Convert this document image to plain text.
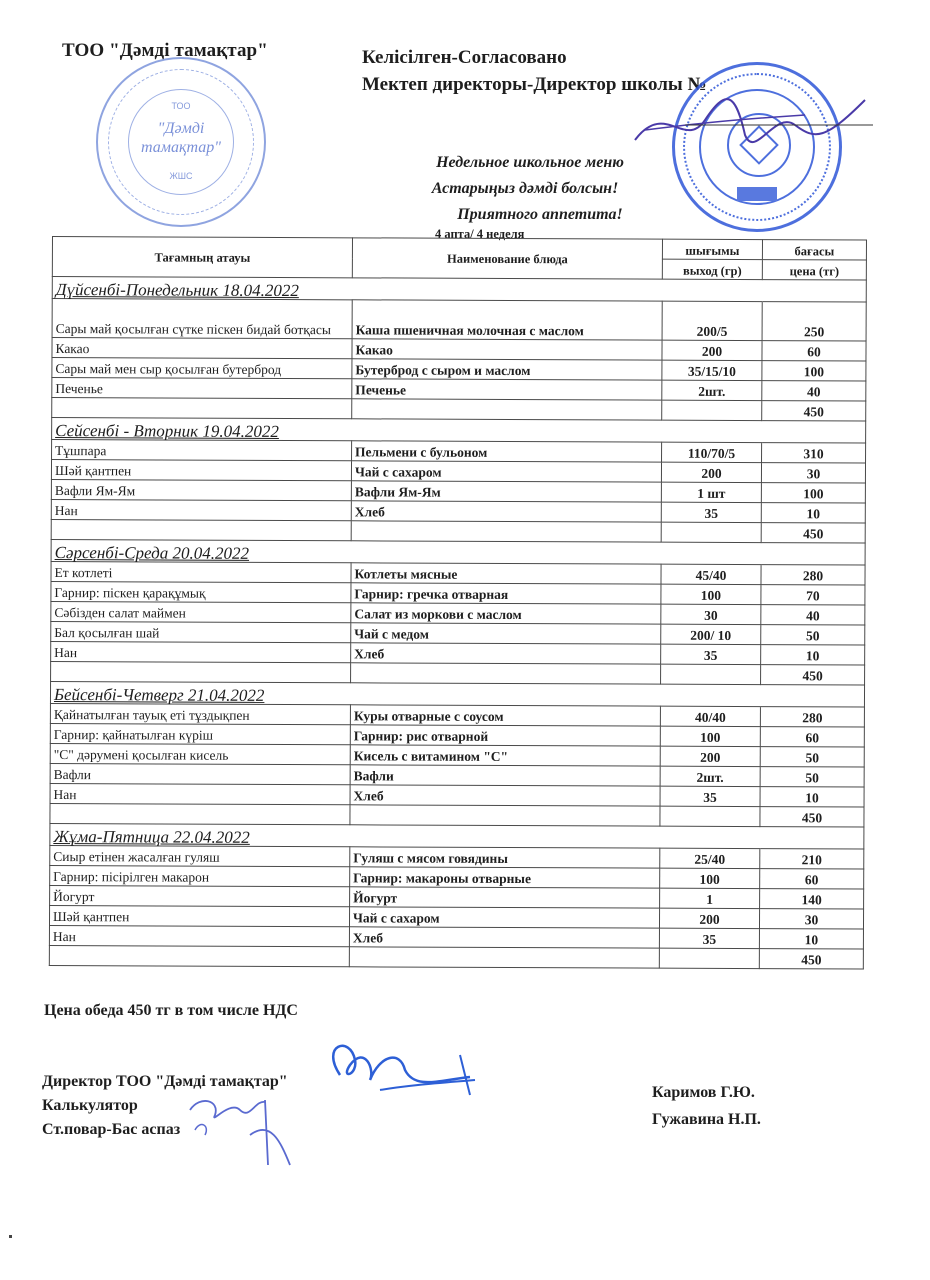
ТОО "Дәмді тамақтар"
ТОО
"Дәмді
тамақтар"
ЖШС
Келісілген-Согласовано
Мектеп директоры-Директор школы №
Недельное школьное меню
Астарыңыз дәмді болсын!
Приятного аппетита!
4 апта/ 4 неделя
Тағамның атауы	Наименование блюда	шығымы	бағасы
		выход (гр)	цена (тг)
Дүйсенбі-Понедельник 18.04.2022			
Сары май қосылған сүтке піскен бидай ботқасы	Каша пшеничная молочная с маслом	200/5	250
Какао	Какао	200	60
Сары май мен сыр қосылған бутерброд	Бутерброд с сыром и маслом	35/15/10	100
Печенье	Печенье	2шт.	40
			450
Сейсенбі - Вторник 19.04.2022			
Тұшпара	Пельмени с бульоном	110/70/5	310
Шәй қантпен	Чай с сахаром	200	30
Вафли Ям-Ям	Вафли Ям-Ям	1 шт	100
Нан	Хлеб	35	10
			450
Сәрсенбі-Среда 20.04.2022			
Ет котлеті	Котлеты мясные	45/40	280
Гарнир: піскен қарақұмық	Гарнир: гречка отварная	100	70
Сәбізден салат маймен	Салат из моркови с маслом	30	40
Бал қосылған шай	Чай с медом	200/ 10	50
Нан	Хлеб	35	10
			450
Бейсенбі-Четверг 21.04.2022			
Қайнатылған тауық еті тұздықпен	Куры отварные с соусом	40/40	280
Гарнир: қайнатылған күріш	Гарнир: рис отварной	100	60
"С" дәрумені қосылған кисель	Кисель с витамином "С"	200	50
Вафли	Вафли	2шт.	50
Нан	Хлеб	35	10
			450
Жұма-Пятница 22.04.2022			
Сиыр етінен жасалған гуляш	Гуляш с мясом говядины	25/40	210
Гарнир: пісірілген макарон	Гарнир: макароны отварные	100	60
Йогурт	Йогурт	1	140
Шәй қантпен	Чай с сахаром	200	30
Нан	Хлеб	35	10
			450
Цена обеда 450 тг в том числе НДС
Директор ТОО "Дәмді тамақтар"
Калькулятор
Ст.повар-Бас аспаз
Каримов Г.Ю.
Гужавина Н.П.
